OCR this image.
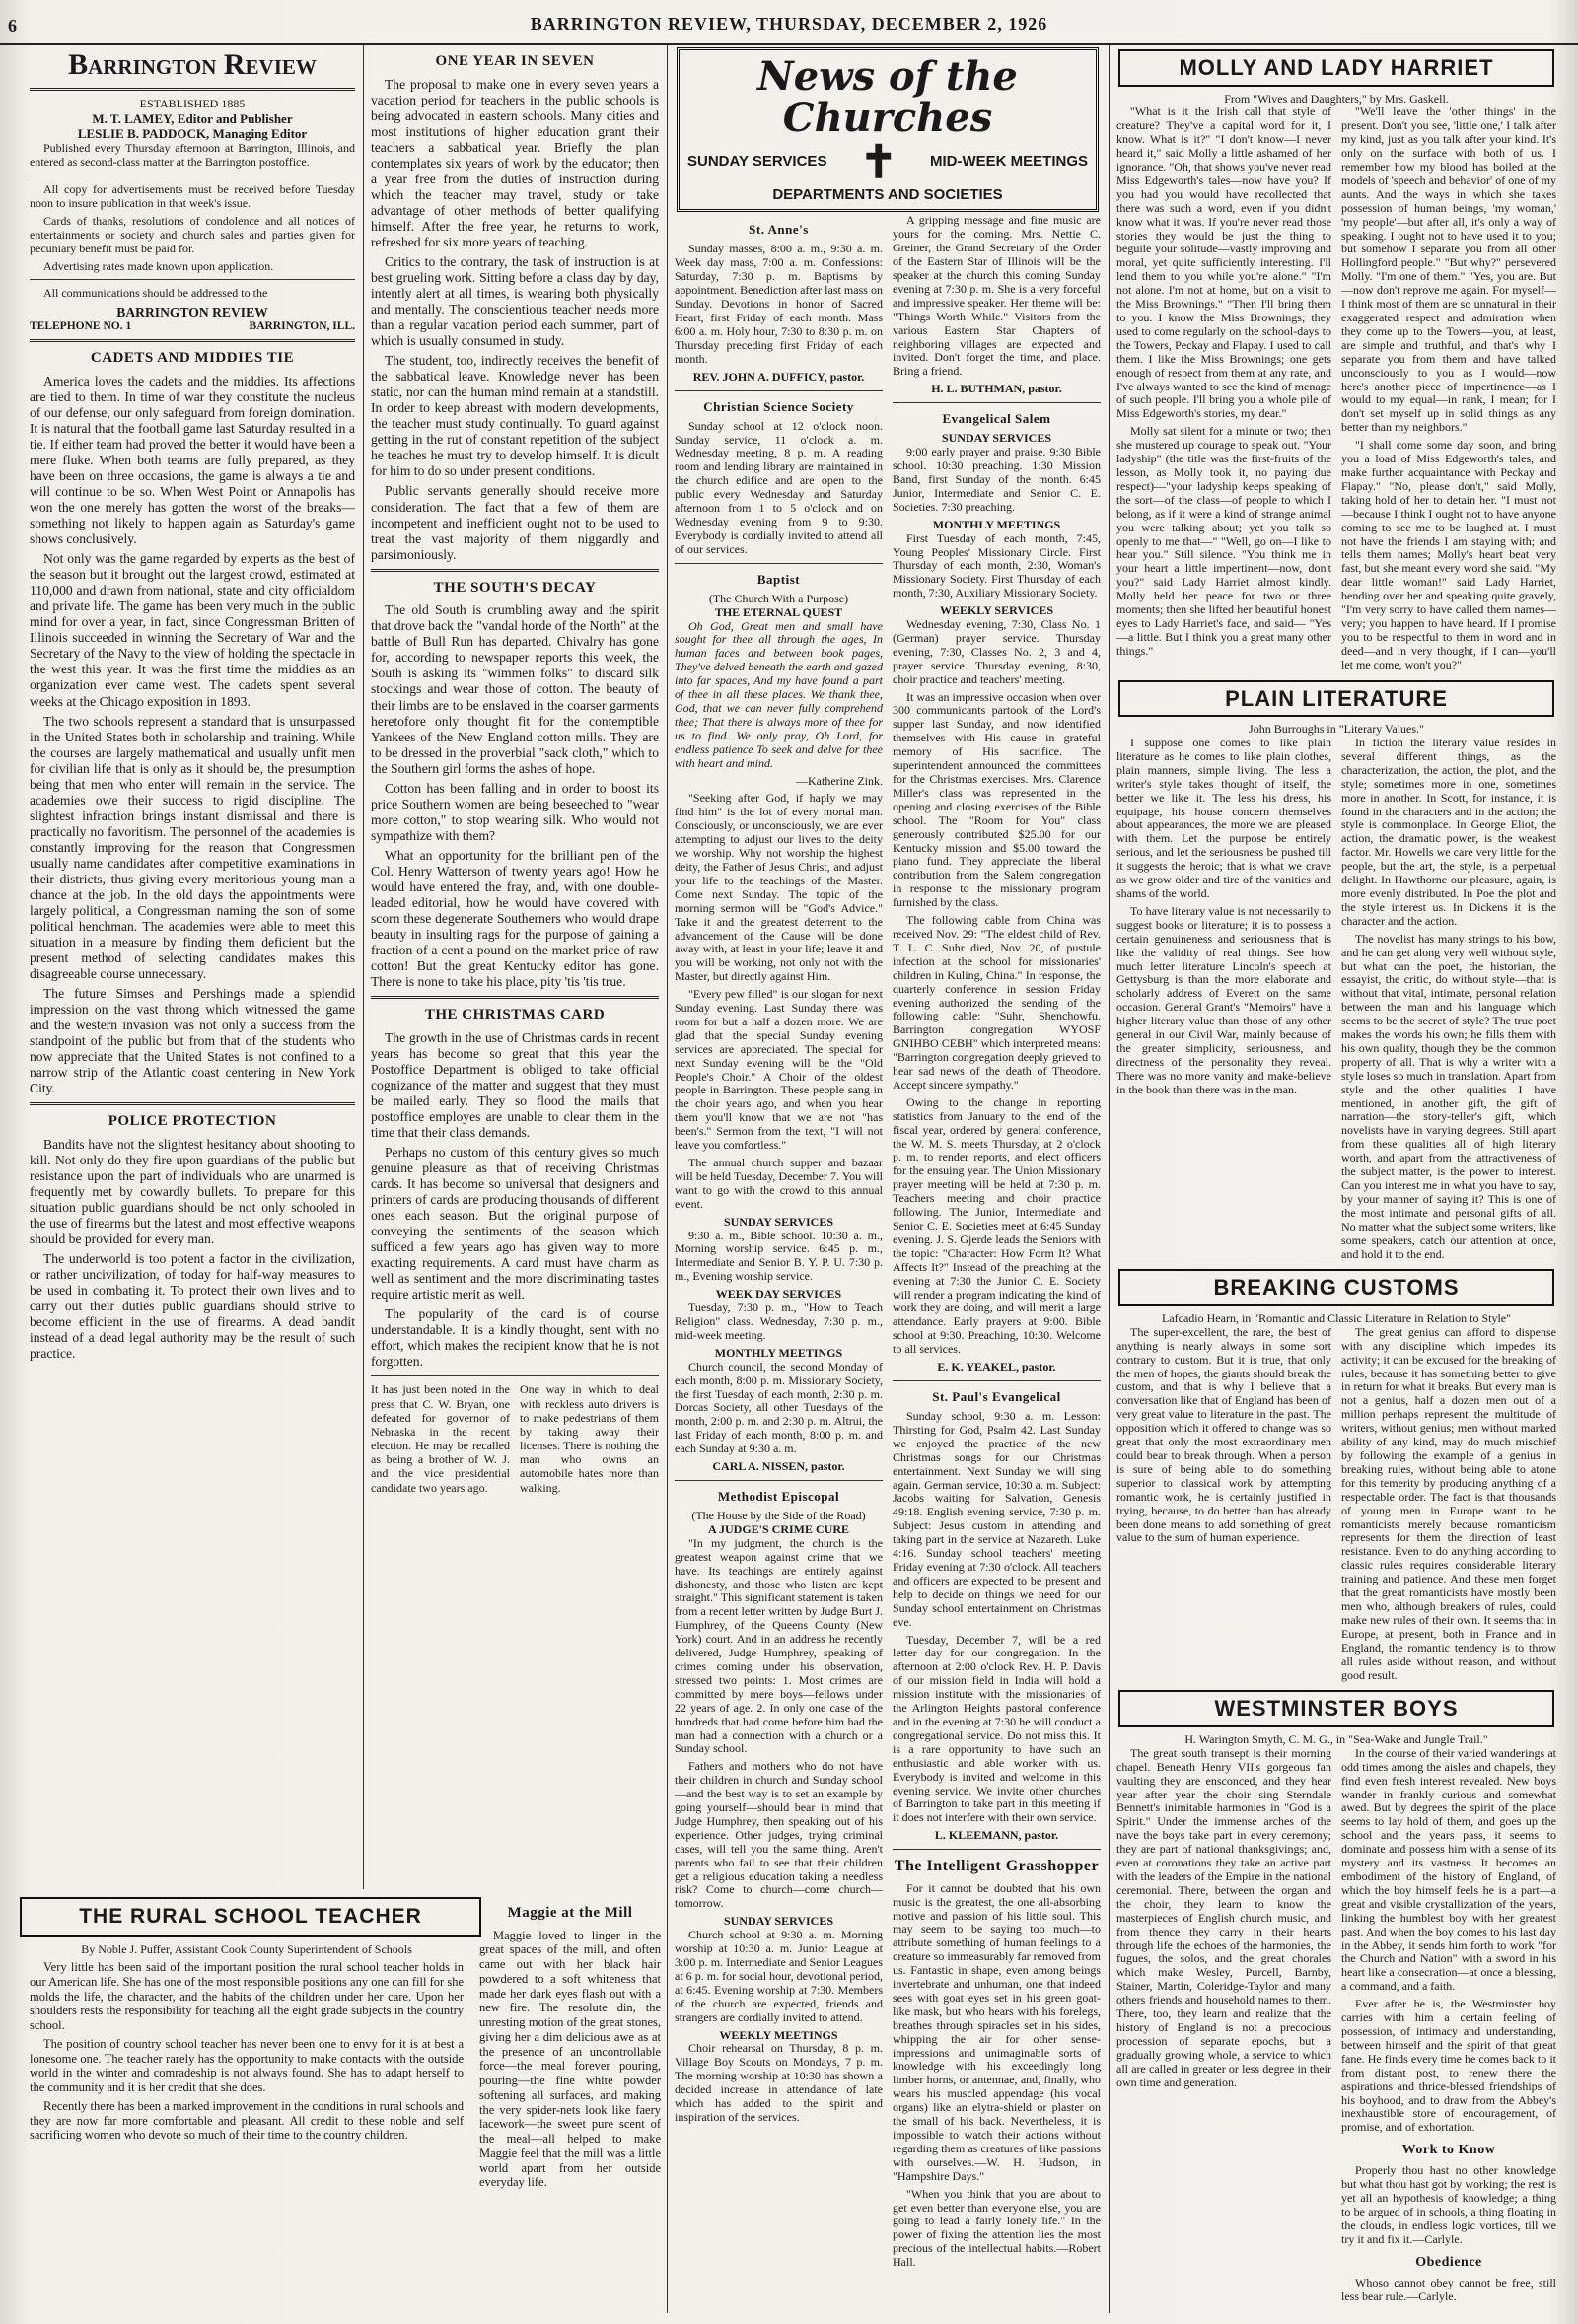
6	BARRINGTON REVIEW, THURSDAY, DECEMBER 2, 1926
Barrington Review
ESTABLISHED 1885
M. T. LAMEY, Editor and Publisher
LESLIE B. PADDOCK, Managing Editor

Published every Thursday afternoon at Barrington, Illinois, and entered as second-class matter at the Barrington postoffice.

All copy for advertisements must be received before Tuesday noon to insure publication in that week's issue.

Cards of thanks, resolutions of condolence and all notices of entertainments or society and church sales and parties given for pecuniary benefit must be paid for.

Advertising rates made known upon application.

All communications should be addressed to the

BARRINGTON REVIEW
TELEPHONE NO. 1	BARRINGTON, ILL.
CADETS AND MIDDIES TIE

America loves the cadets and the middies. Its affections are tied to them. In time of war they constitute the nucleus of our defense, our only safeguard from foreign domination. It is natural that the football game last Saturday resulted in a tie. If either team had proved the better it would have been a mere fluke. When both teams are fully prepared, as they have been on three occasions, the game is always a tie and will continue to be so. When West Point or Annapolis has won the one merely has gotten the worst of the breaks—something not likely to happen again as Saturday's game shows conclusively.

Not only was the game regarded by experts as the best of the season but it brought out the largest crowd, estimated at 110,000 and drawn from national, state and city officialdom and private life. The game has been very much in the public mind for over a year, in fact, since Congressman Britten of Illinois succeeded in winning the Secretary of War and the Secretary of the Navy to the view of holding the spectacle in the west this year. It was the first time the middies as an organization ever came west. The cadets spent several weeks at the Chicago exposition in 1893.

The two schools represent a standard that is unsurpassed in the United States both in scholarship and training. While the courses are largely mathematical and usually unfit men for civilian life that is only as it should be, the presumption being that men who enter will remain in the service. The academies owe their success to rigid discipline. The slightest infraction brings instant dismissal and there is practically no favoritism. The personnel of the academies is constantly improving for the reason that Congressmen usually name candidates after competitive examinations in their districts, thus giving every meritorious young man a chance at the job. In the old days the appointments were largely political, a Congressman naming the son of some political henchman. The academies were able to meet this situation in a measure by finding them deficient but the present method of selecting candidates makes this disagreeable course unnecessary.

The future Simses and Pershings made a splendid impression on the vast throng which witnessed the game and the western invasion was not only a success from the standpoint of the public but from that of the students who now appreciate that the United States is not confined to a narrow strip of the Atlantic coast centering in New York City.

POLICE PROTECTION

Bandits have not the slightest hesitancy about shooting to kill. Not only do they fire upon guardians of the public but resistance upon the part of individuals who are unarmed is frequently met by cowardly bullets. To prepare for this situation public guardians should be not only schooled in the use of firearms but the latest and most effective weapons should be provided for every man.

The underworld is too potent a factor in the civilization, or rather uncivilization, of today for half-way measures to be used in combating it. To protect their own lives and to carry out their duties public guardians should strive to become efficient in the use of firearms. A dead bandit instead of a dead legal authority may be the result of such practice.

ONE YEAR IN SEVEN

The proposal to make one in every seven years a vacation period for teachers in the public schools is being advocated in eastern schools. Many cities and most institutions of higher education grant their teachers a sabbatical year. Briefly the plan contemplates six years of work by the educator; then a year free from the duties of instruction during which the teacher may travel, study or take advantage of other methods of better qualifying himself. After the free year, he returns to work, refreshed for six more years of teaching.

Critics to the contrary, the task of instruction is at best grueling work. Sitting before a class day by day, intently alert at all times, is wearing both physically and mentally. The conscientious teacher needs more than a regular vacation period each summer, part of which is usually consumed in study.

The student, too, indirectly receives the benefit of the sabbatical leave. Knowledge never has been static, nor can the human mind remain at a standstill. In order to keep abreast with modern developments, the teacher must study continually. To guard against getting in the rut of constant repetition of the subject he teaches he must try to develop himself. It is dicult for him to do so under present conditions.

Public servants generally should receive more consideration. The fact that a few of them are incompetent and inefficient ought not to be used to treat the vast majority of them niggardly and parsimoniously.

THE SOUTH'S DECAY

The old South is crumbling away and the spirit that drove back the "vandal horde of the North" at the battle of Bull Run has departed. Chivalry has gone for, according to newspaper reports this week, the South is asking its "wimmen folks" to discard silk stockings and wear those of cotton. The beauty of their limbs are to be enslaved in the coarser garments heretofore only thought fit for the contemptible Yankees of the New England cotton mills. They are to be dressed in the proverbial "sack cloth," which to the Southern girl forms the ashes of hope.

Cotton has been falling and in order to boost its price Southern women are being beseeched to "wear more cotton," to stop wearing silk. Who would not sympathize with them?

What an opportunity for the brilliant pen of the Col. Henry Watterson of twenty years ago! How he would have entered the fray, and, with one double-leaded editorial, how he would have covered with scorn these degenerate Southerners who would drape beauty in insulting rags for the purpose of gaining a fraction of a cent a pound on the market price of raw cotton! But the great Kentucky editor has gone. There is none to take his place, pity 'tis 'tis true.

THE CHRISTMAS CARD

The growth in the use of Christmas cards in recent years has become so great that this year the Postoffice Department is obliged to take official cognizance of the matter and suggest that they must be mailed early. They so flood the mails that postoffice employes are unable to clear them in the time that their class demands.

Perhaps no custom of this century gives so much genuine pleasure as that of receiving Christmas cards. It has become so universal that designers and printers of cards are producing thousands of different ones each season. But the original purpose of conveying the sentiments of the season which sufficed a few years ago has given way to more exacting requirements. A card must have charm as well as sentiment and the more discriminating tastes require artistic merit as well.

The popularity of the card is of course understandable. It is a kindly thought, sent with no effort, which makes the recipient know that he is not forgotten.

It has just been noted in the press that C. W. Bryan, one defeated for governor of Nebraska in the recent election. He may be recalled as being a brother of W. J. and the vice presidential candidate two years ago.
One way in which to deal with reckless auto drivers is to make pedestrians of them by taking away their licenses. There is nothing the man who owns an automobile hates more than walking.
THE RURAL SCHOOL TEACHER
By Noble J. Puffer, Assistant Cook County Superintendent of Schools

Very little has been said of the important position the rural school teacher holds in our American life. She has one of the most responsible positions any one can fill for she molds the life, the character, and the habits of the children under her care. Upon her shoulders rests the responsibility for teaching all the eight grade subjects in the country school.

The position of country school teacher has never been one to envy for it is at best a lonesome one. The teacher rarely has the opportunity to make contacts with the outside world in the winter and comradeship is not always found. She has to adapt herself to the community and it is her credit that she does.

Recently there has been a marked improvement in the conditions in rural schools and they are now far more comfortable and pleasant. All credit to these noble and self sacrificing women who devote so much of their time to the country children.

Maggie at the Mill

Maggie loved to linger in the great spaces of the mill, and often came out with her black hair powdered to a soft whiteness that made her dark eyes flash out with a new fire. The resolute din, the unresting motion of the great stones, giving her a dim delicious awe as at the presence of an uncontrollable force—the meal forever pouring, pouring—the fine white powder softening all surfaces, and making the very spider-nets look like faery lacework—the sweet pure scent of the meal—all helped to make Maggie feel that the mill was a little world apart from her outside everyday life.

News of the Churches
SUNDAY SERVICES ✝ MID-WEEK MEETINGS
DEPARTMENTS AND SOCIETIES
St. Anne's

Sunday masses, 8:00 a. m., 9:30 a. m. Week day mass, 7:00 a. m. Confessions: Saturday, 7:30 p. m. Baptisms by appointment. Benediction after last mass on Sunday. Devotions in honor of Sacred Heart, first Friday of each month. Mass 6:00 a. m. Holy hour, 7:30 to 8:30 p. m. on Thursday preceding first Friday of each month.

REV. JOHN A. DUFFICY, pastor.

Christian Science Society

Sunday school at 12 o'clock noon. Sunday service, 11 o'clock a. m. Wednesday meeting, 8 p. m. A reading room and lending library are maintained in the church edifice and are open to the public every Wednesday and Saturday afternoon from 1 to 5 o'clock and on Wednesday evening from 9 to 9:30. Everybody is cordially invited to attend all of our services.

Baptist
(The Church With a Purpose)
THE ETERNAL QUEST

Oh God, Great men and small have sought for thee all through the ages, In human faces and between book pages, They've delved beneath the earth and gazed into far spaces, And my have found a part of thee in all these places. We thank thee, God, that we can never fully comprehend thee; That there is always more of thee for us to find. We only pray, Oh Lord, for endless patience To seek and delve for thee with heart and mind.

—Katherine Zink.

"Seeking after God, if haply we may find him" is the lot of every mortal man. Consciously, or unconsciously, we are ever attempting to adjust our lives to the deity we worship. Why not worship the highest deity, the Father of Jesus Christ, and adjust your life to the teachings of the Master. Come next Sunday. The topic of the morning sermon will be "God's Advice." Take it and the greatest deterrent to the advancement of the Cause will be done away with, at least in your life; leave it and you will be working, not only not with the Master, but directly against Him.

"Every pew filled" is our slogan for next Sunday evening. Last Sunday there was room for but a half a dozen more. We are glad that the special Sunday evening services are appreciated. The special for next Sunday evening will be the "Old People's Choir." A Choir of the oldest people in Barrington. These people sang in the choir years ago, and when you hear them you'll know that we are not "has been's." Sermon from the text, "I will not leave you comfortless."

The annual church supper and bazaar will be held Tuesday, December 7. You will want to go with the crowd to this annual event.

SUNDAY SERVICES

9:30 a. m., Bible school. 10:30 a. m., Morning worship service. 6:45 p. m., Intermediate and Senior B. Y. P. U. 7:30 p. m., Evening worship service.

WEEK DAY SERVICES

Tuesday, 7:30 p. m., "How to Teach Religion" class. Wednesday, 7:30 p. m., mid-week meeting.

MONTHLY MEETINGS

Church council, the second Monday of each month, 8:00 p. m. Missionary Society, the first Tuesday of each month, 2:30 p. m. Dorcas Society, all other Tuesdays of the month, 2:00 p. m. and 2:30 p. m. Altrui, the last Friday of each month, 8:00 p. m. and each Sunday at 9:30 a. m.

CARL A. NISSEN, pastor.

Methodist Episcopal
(The House by the Side of the Road)
A JUDGE'S CRIME CURE

"In my judgment, the church is the greatest weapon against crime that we have. Its teachings are entirely against dishonesty, and those who listen are kept straight." This significant statement is taken from a recent letter written by Judge Burt J. Humphrey, of the Queens County (New York) court. And in an address he recently delivered, Judge Humphrey, speaking of crimes coming under his observation, stressed two points: 1. Most crimes are committed by mere boys—fellows under 22 years of age. 2. In only one case of the hundreds that had come before him had the man had a connection with a church or a Sunday school.

Fathers and mothers who do not have their children in church and Sunday school—and the best way is to set an example by going yourself—should bear in mind that Judge Humphrey, then speaking out of his experience. Other judges, trying criminal cases, will tell you the same thing. Aren't parents who fail to see that their children get a religious education taking a needless risk? Come to church—come church—tomorrow.

SUNDAY SERVICES

Church school at 9:30 a. m. Morning worship at 10:30 a. m. Junior League at 3:00 p. m. Intermediate and Senior Leagues at 6 p. m. for social hour, devotional period, at 6:45. Evening worship at 7:30. Members of the church are expected, friends and strangers are cordially invited to attend.

WEEKLY MEETINGS

Choir rehearsal on Thursday, 8 p. m. Village Boy Scouts on Mondays, 7 p. m. The morning worship at 10:30 has shown a decided increase in attendance of late which has added to the spirit and inspiration of the services.

A gripping message and fine music are yours for the coming. Mrs. Nettie C. Greiner, the Grand Secretary of the Order of the Eastern Star of Illinois will be the speaker at the church this coming Sunday evening at 7:30 p. m. She is a very forceful and impressive speaker. Her theme will be: "Things Worth While." Visitors from the various Eastern Star Chapters of neighboring villages are expected and invited. Don't forget the time, and place. Bring a friend.

H. L. BUTHMAN, pastor.

Evangelical Salem
SUNDAY SERVICES

9:00 early prayer and praise. 9:30 Bible school. 10:30 preaching. 1:30 Mission Band, first Sunday of the month. 6:45 Junior, Intermediate and Senior C. E. Societies. 7:30 preaching.

MONTHLY MEETINGS

First Tuesday of each month, 7:45, Young Peoples' Missionary Circle. First Thursday of each month, 2:30, Woman's Missionary Society. First Thursday of each month, 7:30, Auxiliary Missionary Society.

WEEKLY SERVICES

Wednesday evening, 7:30, Class No. 1 (German) prayer service. Thursday evening, 7:30, Classes No. 2, 3 and 4, prayer service. Thursday evening, 8:30, choir practice and teachers' meeting.

It was an impressive occasion when over 300 communicants partook of the Lord's supper last Sunday, and now identified themselves with His cause in grateful memory of His sacrifice. The superintendent announced the committees for the Christmas exercises. Mrs. Clarence Miller's class was represented in the opening and closing exercises of the Bible school. The "Room for You" class generously contributed $25.00 for our Kentucky mission and $5.00 toward the piano fund. They appreciate the liberal contribution from the Salem congregation in response to the missionary program furnished by the class.

The following cable from China was received Nov. 29: "The eldest child of Rev. T. L. C. Suhr died, Nov. 20, of pustule infection at the school for missionaries' children in Kuling, China." In response, the quarterly conference in session Friday evening authorized the sending of the following cable: "Suhr, Shenchowfu. Barrington congregation WYOSF GNIHBO CEBH" which interpreted means: "Barrington congregation deeply grieved to hear sad news of the death of Theodore. Accept sincere sympathy."

Owing to the change in reporting statistics from January to the end of the fiscal year, ordered by general conference, the W. M. S. meets Thursday, at 2 o'clock p. m. to render reports, and elect officers for the ensuing year. The Union Missionary prayer meeting will be held at 7:30 p. m. Teachers meeting and choir practice following. The Junior, Intermediate and Senior C. E. Societies meet at 6:45 Sunday evening. J. S. Gjerde leads the Seniors with the topic: "Character: How Form It? What Affects It?" Instead of the preaching at the evening at 7:30 the Junior C. E. Society will render a program indicating the kind of work they are doing, and will merit a large attendance. Early prayers at 9:00. Bible school at 9:30. Preaching, 10:30. Welcome to all services.

E. K. YEAKEL, pastor.

St. Paul's Evangelical

Sunday school, 9:30 a. m. Lesson: Thirsting for God, Psalm 42. Last Sunday we enjoyed the practice of the new Christmas songs for our Christmas entertainment. Next Sunday we will sing again. German service, 10:30 a. m. Subject: Jacobs waiting for Salvation, Genesis 49:18. English evening service, 7:30 p. m. Subject: Jesus custom in attending and taking part in the service at Nazareth. Luke 4:16. Sunday school teachers' meeting Friday evening at 7:30 o'clock. All teachers and officers are expected to be present and help to decide on things we need for our Sunday school entertainment on Christmas eve.

Tuesday, December 7, will be a red letter day for our congregation. In the afternoon at 2:00 o'clock Rev. H. P. Davis of our mission field in India will hold a mission institute with the missionaries of the Arlington Heights pastoral conference and in the evening at 7:30 he will conduct a congregational service. Do not miss this. It is a rare opportunity to have such an enthusiastic and able worker with us. Everybody is invited and welcome in this evening service. We invite other churches of Barrington to take part in this meeting if it does not interfere with their own service.

L. KLEEMANN, pastor.

The Intelligent Grasshopper

For it cannot be doubted that his own music is the greatest, the one all-absorbing motive and passion of his little soul. This may seem to be saying too much—to attribute something of human feelings to a creature so immeasurably far removed from us. Fantastic in shape, even among beings invertebrate and unhuman, one that indeed sees with goat eyes set in his green goat-like mask, but who hears with his forelegs, breathes through spiracles set in his sides, whipping the air for other sense-impressions and unimaginable sorts of knowledge with his exceedingly long limber horns, or antennae, and, finally, who wears his muscled appendage (his vocal organs) like an elytra-shield or plaster on the small of his back. Nevertheless, it is impossible to watch their actions without regarding them as creatures of like passions with ourselves.—W. H. Hudson, in "Hampshire Days."

"When you think that you are about to get even better than everyone else, you are going to lead a fairly lonely life." In the power of fixing the attention lies the most precious of the intellectual habits.—Robert Hall.

MOLLY AND LADY HARRIET
From "Wives and Daughters," by Mrs. Gaskell.

"What is it the Irish call that style of creature? They've a capital word for it, I know. What is it?" "I don't know—I never heard it," said Molly a little ashamed of her ignorance. "Oh, that shows you've never read Miss Edgeworth's tales—now have you? If you had you would have recollected that there was such a word, even if you didn't know what it was. If you're never read those stories they would be just the thing to beguile your solitude—vastly improving and moral, yet quite sufficiently interesting. I'll lend them to you while you're alone." "I'm not alone. I'm not at home, but on a visit to the Miss Brownings." "Then I'll bring them to you. I know the Miss Brownings; they used to come regularly on the school-days to the Towers, Peckay and Flapay. I used to call them. I like the Miss Brownings; one gets enough of respect from them at any rate, and I've always wanted to see the kind of menage of such people. I'll bring you a whole pile of Miss Edgeworth's stories, my dear."

Molly sat silent for a minute or two; then she mustered up courage to speak out. "Your ladyship" (the title was the first-fruits of the lesson, as Molly took it, no paying due respect)—"your ladyship keeps speaking of the sort—of the class—of people to which I belong, as if it were a kind of strange animal you were talking about; yet you talk so openly to me that—" "Well, go on—I like to hear you." Still silence. "You think me in your heart a little impertinent—now, don't you?" said Lady Harriet almost kindly. Molly held her peace for two or three moments; then she lifted her beautiful honest eyes to Lady Harriet's face, and said— "Yes—a little. But I think you a great many other things."

"We'll leave the 'other things' in the present. Don't you see, 'little one,' I talk after my kind, just as you talk after your kind. It's only on the surface with both of us. I remember how my blood has boiled at the models of 'speech and behavior' of one of my aunts. And the ways in which she takes possession of human beings, 'my woman,' 'my people'—but after all, it's only a way of speaking. I ought not to have used it to you; but somehow I separate you from all other Hollingford people." "But why?" persevered Molly. "I'm one of them." "Yes, you are. But—now don't reprove me again. For myself—I think most of them are so unnatural in their exaggerated respect and admiration when they come up to the Towers—you, at least, are simple and truthful, and that's why I separate you from them and have talked unconsciously to you as I would—now here's another piece of impertinence—as I would to my equal—in rank, I mean; for I don't set myself up in solid things as any better than my neighbors."

"I shall come some day soon, and bring you a load of Miss Edgeworth's tales, and make further acquaintance with Peckay and Flapay." "No, please don't," said Molly, taking hold of her to detain her. "I must not—because I think I ought not to have anyone coming to see me to be laughed at. I must not have the friends I am staying with; and tells them names; Molly's heart beat very fast, but she meant every word she said. "My dear little woman!" said Lady Harriet, bending over her and speaking quite gravely, "I'm very sorry to have called them names—very; you happen to have heard. If I promise you to be respectful to them in word and in deed—and in very thought, if I can—you'll let me come, won't you?"

PLAIN LITERATURE
John Burroughs in "Literary Values."

I suppose one comes to like plain literature as he comes to like plain clothes, plain manners, simple living. The less a writer's style takes thought of itself, the better we like it. The less his dress, his equipage, his house concern themselves about appearances, the more we are pleased with them. Let the purpose be entirely serious, and let the seriousness be pushed till it suggests the heroic; that is what we crave as we grow older and tire of the vanities and shams of the world.

To have literary value is not necessarily to suggest books or literature; it is to possess a certain genuineness and seriousness that is like the validity of real things. See how much letter literature Lincoln's speech at Gettysburg is than the more elaborate and scholarly address of Everett on the same occasion. General Grant's "Memoirs" have a higher literary value than those of any other general in our Civil War, mainly because of the greater simplicity, seriousness, and directness of the personality they reveal. There was no more vanity and make-believe in the book than there was in the man.

In fiction the literary value resides in several different things, as the characterization, the action, the plot, and the style; sometimes more in one, sometimes more in another. In Scott, for instance, it is found in the characters and in the action; the style is commonplace. In George Eliot, the action, the dramatic power, is the weakest factor. Mr. Howells we care very little for the people, but the art, the style, is a perpetual delight. In Hawthorne our pleasure, again, is more evenly distributed. In Poe the plot and the style interest us. In Dickens it is the character and the action.

The novelist has many strings to his bow, and he can get along very well without style, but what can the poet, the historian, the essayist, the critic, do without style—that is without that vital, intimate, personal relation between the man and his language which seems to be the secret of style? The true poet makes the words his own; he fills them with his own quality, though they be the common property of all. That is why a writer with a style loses so much in translation. Apart from style and the other qualities I have mentioned, in another gift, the gift of narration—the story-teller's gift, which novelists have in varying degrees. Still apart from these qualities all of high literary worth, and apart from the attractiveness of the subject matter, is the power to interest. Can you interest me in what you have to say, by your manner of saying it? This is one of the most intimate and personal gifts of all. No matter what the subject some writers, like some speakers, catch our attention at once, and hold it to the end.

BREAKING CUSTOMS
Lafcadio Hearn, in "Romantic and Classic Literature in Relation to Style"

The super-excellent, the rare, the best of anything is nearly always in some sort contrary to custom. But it is true, that only the men of hopes, the giants should break the custom, and that is why I believe that a conversation like that of England has been of very great value to literature in the past. The opposition which it offered to change was so great that only the most extraordinary men could bear to break through. When a person is sure of being able to do something superior to classical work by attempting romantic work, he is certainly justified in trying, because, to do better than has already been done means to add something of great value to the sum of human experience.

The great genius can afford to dispense with any discipline which impedes its activity; it can be excused for the breaking of rules, because it has something better to give in return for what it breaks. But every man is not a genius, half a dozen men out of a million perhaps represent the multitude of writers, without genius; men without marked ability of any kind, may do much mischief by following the example of a genius in breaking rules, without being able to atone for this temerity by producing anything of a respectable order. The fact is that thousands of young men in Europe want to be romanticists merely because romanticism represents for them the direction of least resistance. Even to do anything according to classic rules requires considerable literary training and patience. And these men forget that the great romanticists have mostly been men who, although breakers of rules, could make new rules of their own. It seems that in Europe, at present, both in France and in England, the romantic tendency is to throw all rules aside without reason, and without good result.

WESTMINSTER BOYS
H. Warington Smyth, C. M. G., in "Sea-Wake and Jungle Trail."

The great south transept is their morning chapel. Beneath Henry VII's gorgeous fan vaulting they are ensconced, and they hear year after year the choir sing Sterndale Bennett's inimitable harmonies in "God is a Spirit." Under the immense arches of the nave the boys take part in every ceremony; they are part of national thanksgivings; and, even at coronations they take an active part with the leaders of the Empire in the national ceremonial. There, between the organ and the choir, they learn to know the masterpieces of English church music, and from thence they carry in their hearts through life the echoes of the harmonies, the fugues, the solos, and the great chorales which make Wesley, Purcell, Barnby, Stainer, Martin, Coleridge-Taylor and many others friends and household names to them. There, too, they learn and realize that the history of England is not a precocious procession of separate epochs, but a gradually growing whole, a service to which all are called in greater or less degree in their own time and generation.

In the course of their varied wanderings at odd times among the aisles and chapels, they find even fresh interest revealed. New boys wander in frankly curious and somewhat awed. But by degrees the spirit of the place seems to lay hold of them, and goes up the school and the years pass, it seems to dominate and possess him with a sense of its mystery and its vastness. It becomes an embodiment of the history of England, of which the boy himself feels he is a part—a great and visible crystallization of the years, linking the humblest boy with her greatest past. And when the boy comes to his last day in the Abbey, it sends him forth to work "for the Church and Nation" with a sword in his heart like a consecration—at once a blessing, a command, and a faith.

Ever after he is, the Westminster boy carries with him a certain feeling of possession, of intimacy and understanding, between himself and the spirit of that great fane. He finds every time he comes back to it from distant post, to renew there the aspirations and thrice-blessed friendships of his boyhood, and to draw from the Abbey's inexhaustible store of encouragement, of promise, and of exhortation.

Work to Know

Properly thou hast no other knowledge but what thou hast got by working; the rest is yet all an hypothesis of knowledge; a thing to be argued of in schools, a thing floating in the clouds, in endless logic vortices, till we try it and fix it.—Carlyle.

Obedience

Whoso cannot obey cannot be free, still less bear rule.—Carlyle.
